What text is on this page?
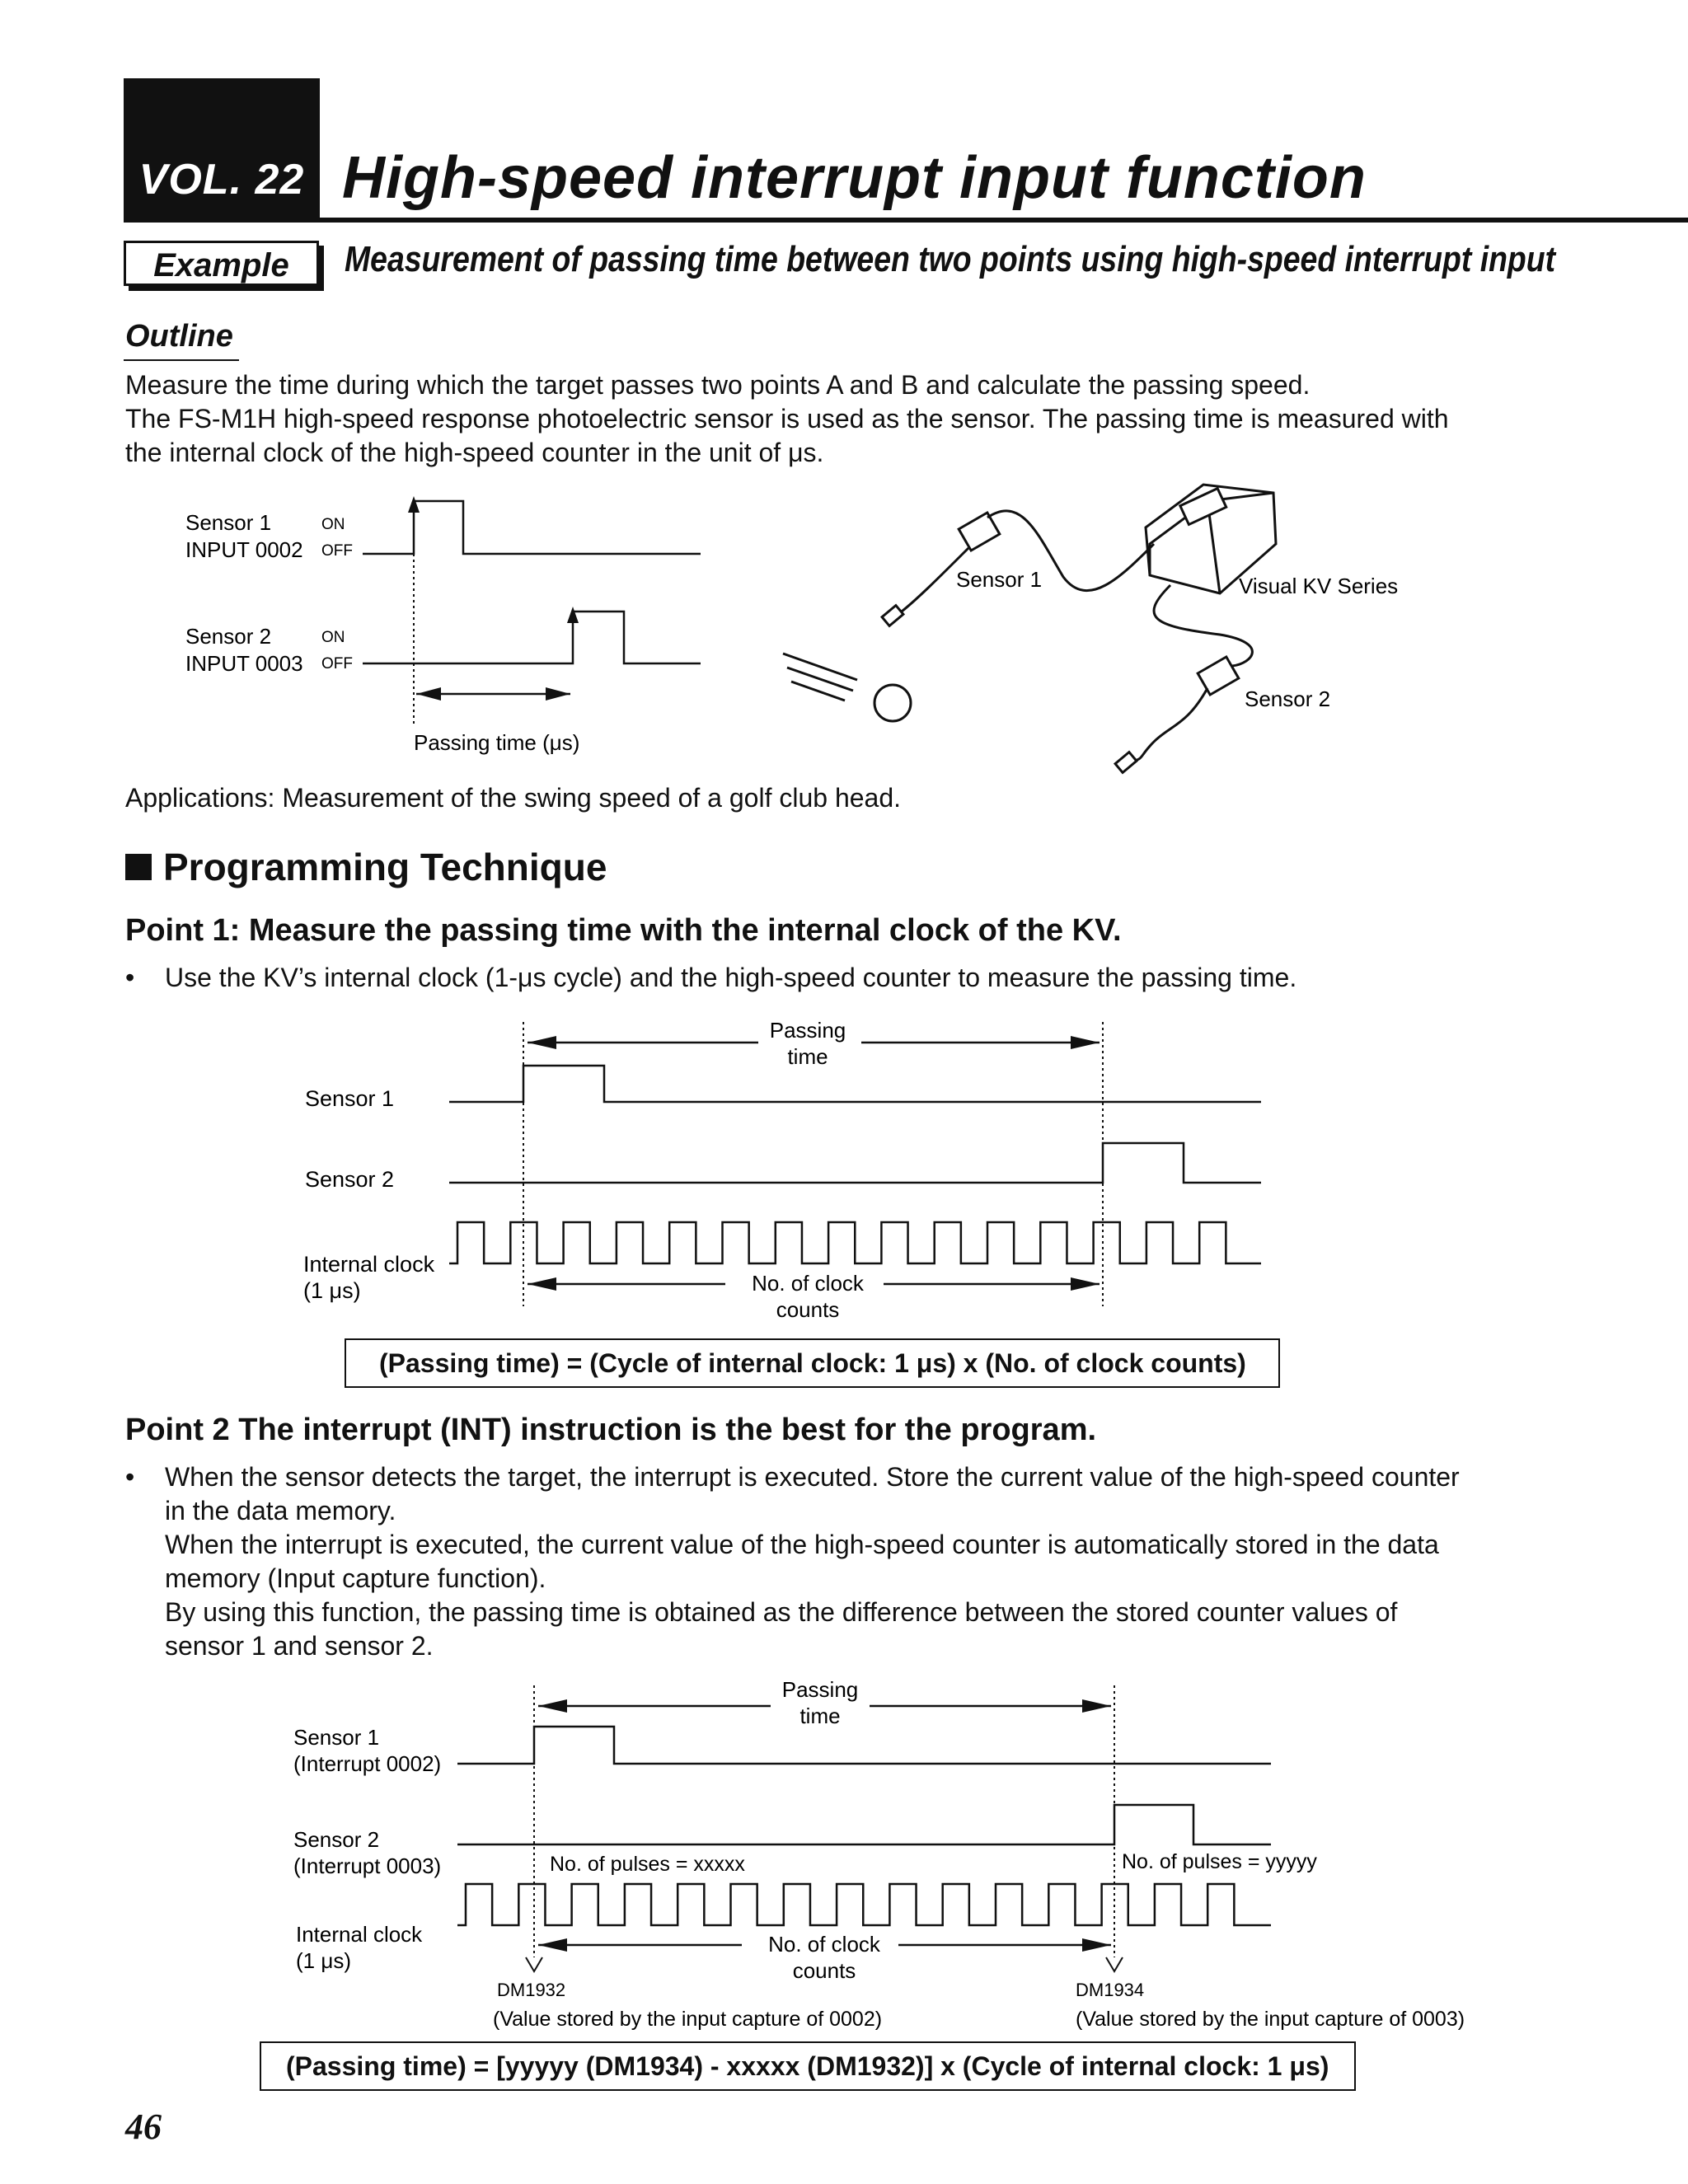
VOL. 22 High-speed interrupt input function
Example	Measurement of passing time between two points using high-speed interrupt input
Outline
Measure the time during which the target passes two points A and B and calculate the passing speed.
The FS-M1H high-speed response photoelectric sensor is used as the sensor. The passing time is measured with
the internal clock of the high-speed counter in the unit of μs.
Sensor 1
INPUT 0002
ON
OFF
Sensor 2
INPUT 0003
ON
OFF
Passing time (μs)
Sensor 1	Visual KV Series
Sensor 2
Applications: Measurement of the swing speed of a golf club head.
Programming Technique
Point 1: Measure the passing time with the internal clock of the KV.
• Use the KV’s internal clock (1-μs cycle) and the high-speed counter to measure the passing time.
Passing
time
Sensor 1
Sensor 2
Internal clock
(1 μs)	No. of clock
counts
(Passing time) = (Cycle of internal clock: 1 μs) x (No. of clock counts)
Point 2 The interrupt (INT) instruction is the best for the program.
• When the sensor detects the target, the interrupt is executed. Store the current value of the high-speed counter
in the data memory.
When the interrupt is executed, the current value of the high-speed counter is automatically stored in the data
memory (Input capture function).
By using this function, the passing time is obtained as the difference between the stored counter values of
sensor 1 and sensor 2.
Passing
time
Sensor 1
(Interrupt 0002)
Sensor 2
(Interrupt 0003)	No. of pulses = xxxxx	No. of pulses = yyyyy
Internal clock
(1 μs)
No. of clock
counts
DM1932	DM1934
(Value stored by the input capture of 0002)	(Value stored by the input capture of 0003)
(Passing time) = [yyyyy (DM1934) - xxxxx (DM1932)] x (Cycle of internal clock: 1 μs)
46
